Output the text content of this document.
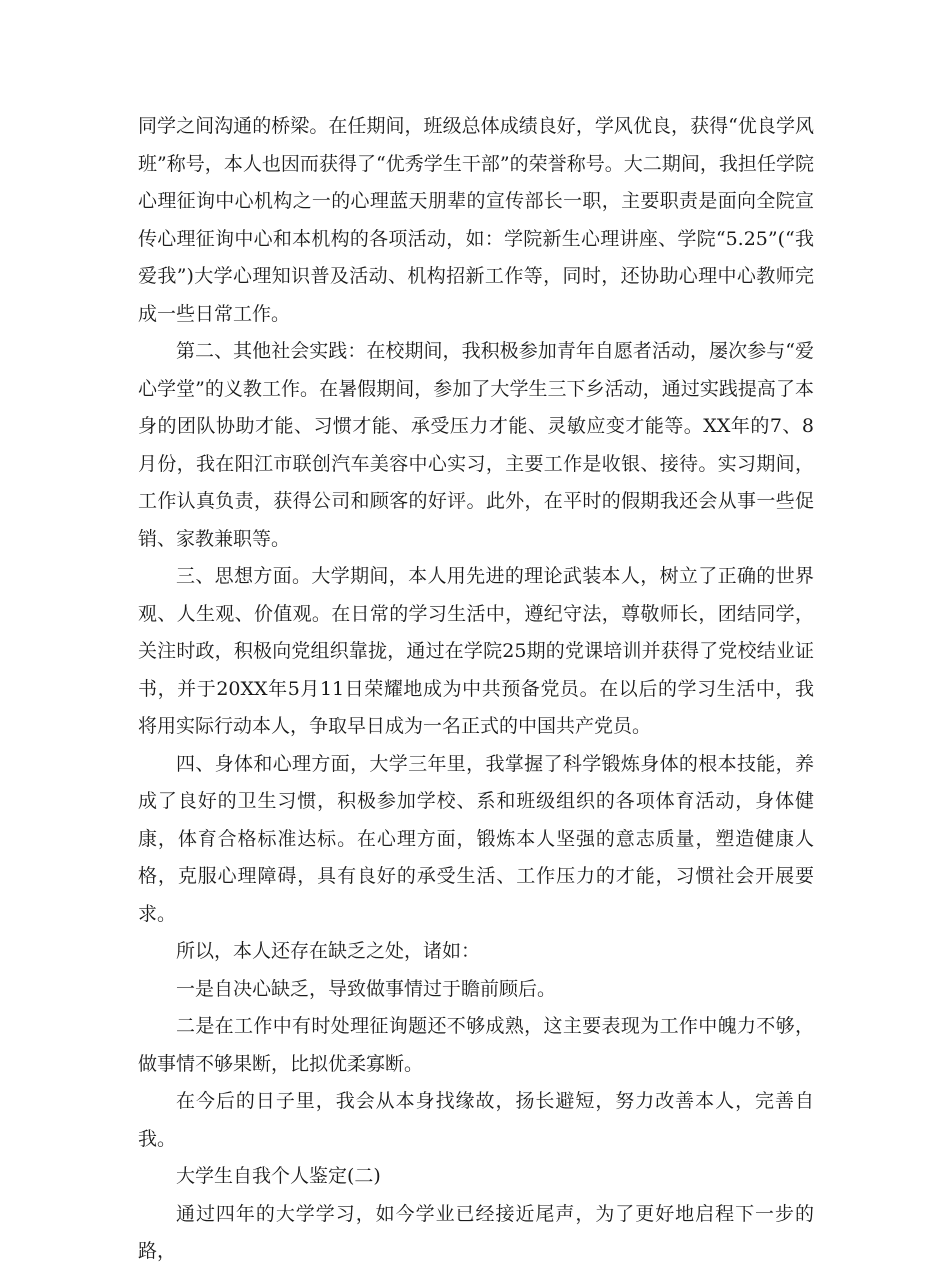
同学之间沟通的桥梁。在任期间，班级总体成绩良好，学风优良，获得“优良学风班”称号，本人也因而获得了“优秀学生干部”的荣誉称号。大二期间，我担任学院心理征询中心机构之一的心理蓝天朋辈的宣传部长一职，主要职责是面向全院宣传心理征询中心和本机构的各项活动，如：学院新生心理讲座、学院“5.25”(“我爱我”)大学心理知识普及活动、机构招新工作等，同时，还协助心理中心教师完成一些日常工作。

第二、其他社会实践：在校期间，我积极参加青年自愿者活动，屡次参与“爱心学堂”的义教工作。在暑假期间，参加了大学生三下乡活动，通过实践提高了本身的团队协助才能、习惯才能、承受压力才能、灵敏应变才能等。XX年的7、8月份，我在阳江市联创汽车美容中心实习，主要工作是收银、接待。实习期间，工作认真负责，获得公司和顾客的好评。此外，在平时的假期我还会从事一些促销、家教兼职等。

三、思想方面。大学期间，本人用先进的理论武装本人，树立了正确的世界观、人生观、价值观。在日常的学习生活中，遵纪守法，尊敬师长，团结同学，关注时政，积极向党组织靠拢，通过在学院25期的党课培训并获得了党校结业证书，并于20XX年5月11日荣耀地成为中共预备党员。在以后的学习生活中，我将用实际行动本人，争取早日成为一名正式的中国共产党员。

四、身体和心理方面，大学三年里，我掌握了科学锻炼身体的根本技能，养成了良好的卫生习惯，积极参加学校、系和班级组织的各项体育活动，身体健康，体育合格标准达标。在心理方面，锻炼本人坚强的意志质量，塑造健康人格，克服心理障碍，具有良好的承受生活、工作压力的才能，习惯社会开展要求。

所以，本人还存在缺乏之处，诸如：

一是自决心缺乏，导致做事情过于瞻前顾后。

二是在工作中有时处理征询题还不够成熟，这主要表现为工作中魄力不够，做事情不够果断，比拟优柔寡断。

在今后的日子里，我会从本身找缘故，扬长避短，努力改善本人，完善自我。

大学生自我个人鉴定(二)

通过四年的大学学习，如今学业已经接近尾声，为了更好地启程下一步的路，
